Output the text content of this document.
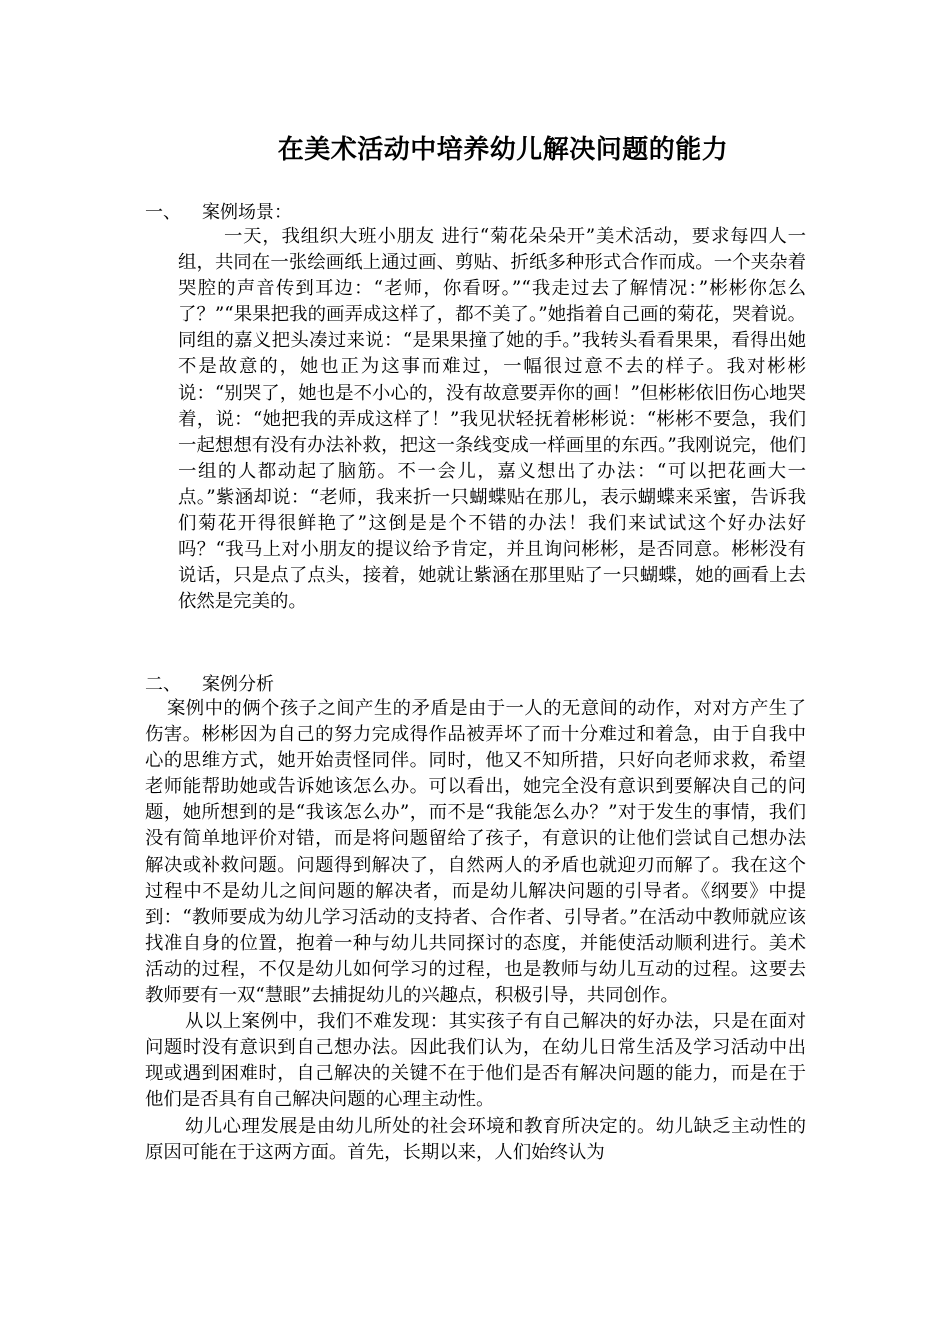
在美术活动中培养幼儿解决问题的能力
一、 案例场景：

一天，我组织大班小朋友 进行“菊花朵朵开”美术活动，要求每四人一组，共同在一张绘画纸上通过画、剪贴、折纸多种形式合作而成。一个夹杂着哭腔的声音传到耳边：“老师，你看呀。”“我走过去了解情况：”彬彬你怎么了？”“果果把我的画弄成这样了，都不美了。”她指着自己画的菊花，哭着说。同组的嘉义把头凑过来说：“是果果撞了她的手。”我转头看看果果，看得出她不是故意的，她也正为这事而难过，一幅很过意不去的样子。我对彬彬说：“别哭了，她也是不小心的，没有故意要弄你的画！”但彬彬依旧伤心地哭着，说：“她把我的弄成这样了！”我见状轻抚着彬彬说：“彬彬不要急，我们一起想想有没有办法补救，把这一条线变成一样画里的东西。”我刚说完，他们一组的人都动起了脑筋。不一会儿，嘉义想出了办法：“可以把花画大一点。”紫涵却说：“老师，我来折一只蝴蝶贴在那儿，表示蝴蝶来采蜜，告诉我们菊花开得很鲜艳了”这倒是是个不错的办法！我们来试试这个好办法好吗？“我马上对小朋友的提议给予肯定，并且询问彬彬，是否同意。彬彬没有说话，只是点了点头，接着，她就让紫涵在那里贴了一只蝴蝶，她的画看上去依然是完美的。

二、 案例分析

案例中的俩个孩子之间产生的矛盾是由于一人的无意间的动作，对对方产生了伤害。彬彬因为自己的努力完成得作品被弄坏了而十分难过和着急，由于自我中心的思维方式，她开始责怪同伴。同时，他又不知所措，只好向老师求救，希望老师能帮助她或告诉她该怎么办。可以看出，她完全没有意识到要解决自己的问题，她所想到的是“我该怎么办”，而不是“我能怎么办？”对于发生的事情，我们没有简单地评价对错，而是将问题留给了孩子，有意识的让他们尝试自己想办法解决或补救问题。问题得到解决了，自然两人的矛盾也就迎刃而解了。我在这个过程中不是幼儿之间问题的解决者，而是幼儿解决问题的引导者。《纲要》中提到：“教师要成为幼儿学习活动的支持者、合作者、引导者。”在活动中教师就应该找准自身的位置，抱着一种与幼儿共同探讨的态度，并能使活动顺利进行。美术活动的过程，不仅是幼儿如何学习的过程，也是教师与幼儿互动的过程。这要去教师要有一双“慧眼”去捕捉幼儿的兴趣点，积极引导，共同创作。

从以上案例中，我们不难发现：其实孩子有自己解决的好办法，只是在面对问题时没有意识到自己想办法。因此我们认为，在幼儿日常生活及学习活动中出现或遇到困难时，自己解决的关键不在于他们是否有解决问题的能力，而是在于他们是否具有自己解决问题的心理主动性。

幼儿心理发展是由幼儿所处的社会环境和教育所决定的。幼儿缺乏主动性的原因可能在于这两方面。首先，长期以来，人们始终认为
